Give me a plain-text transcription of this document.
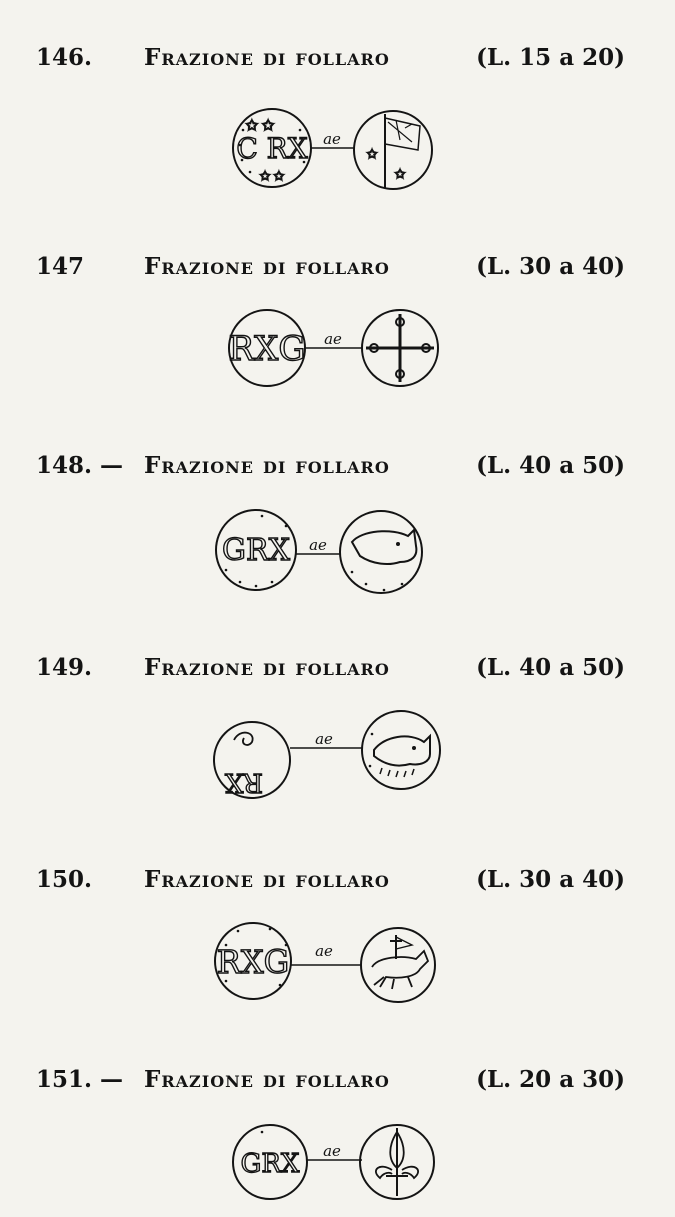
146. Frazione di follaro	(L. 15 a 20)
C RX
✩ ✩
✩ ✩
ae
✩
✩
147	Frazione di follaro	(L. 30 a 40)
RXG ae
148. — Frazione di follaro	(L. 40 a 50)
GRX ae
149. Frazione di follaro	(L. 40 a 50)
RX
ae
150. Frazione di follaro	(L. 30 a 40)
RXG ae
151. — Frazione di follaro	(L. 20 a 30)
GRX ae
